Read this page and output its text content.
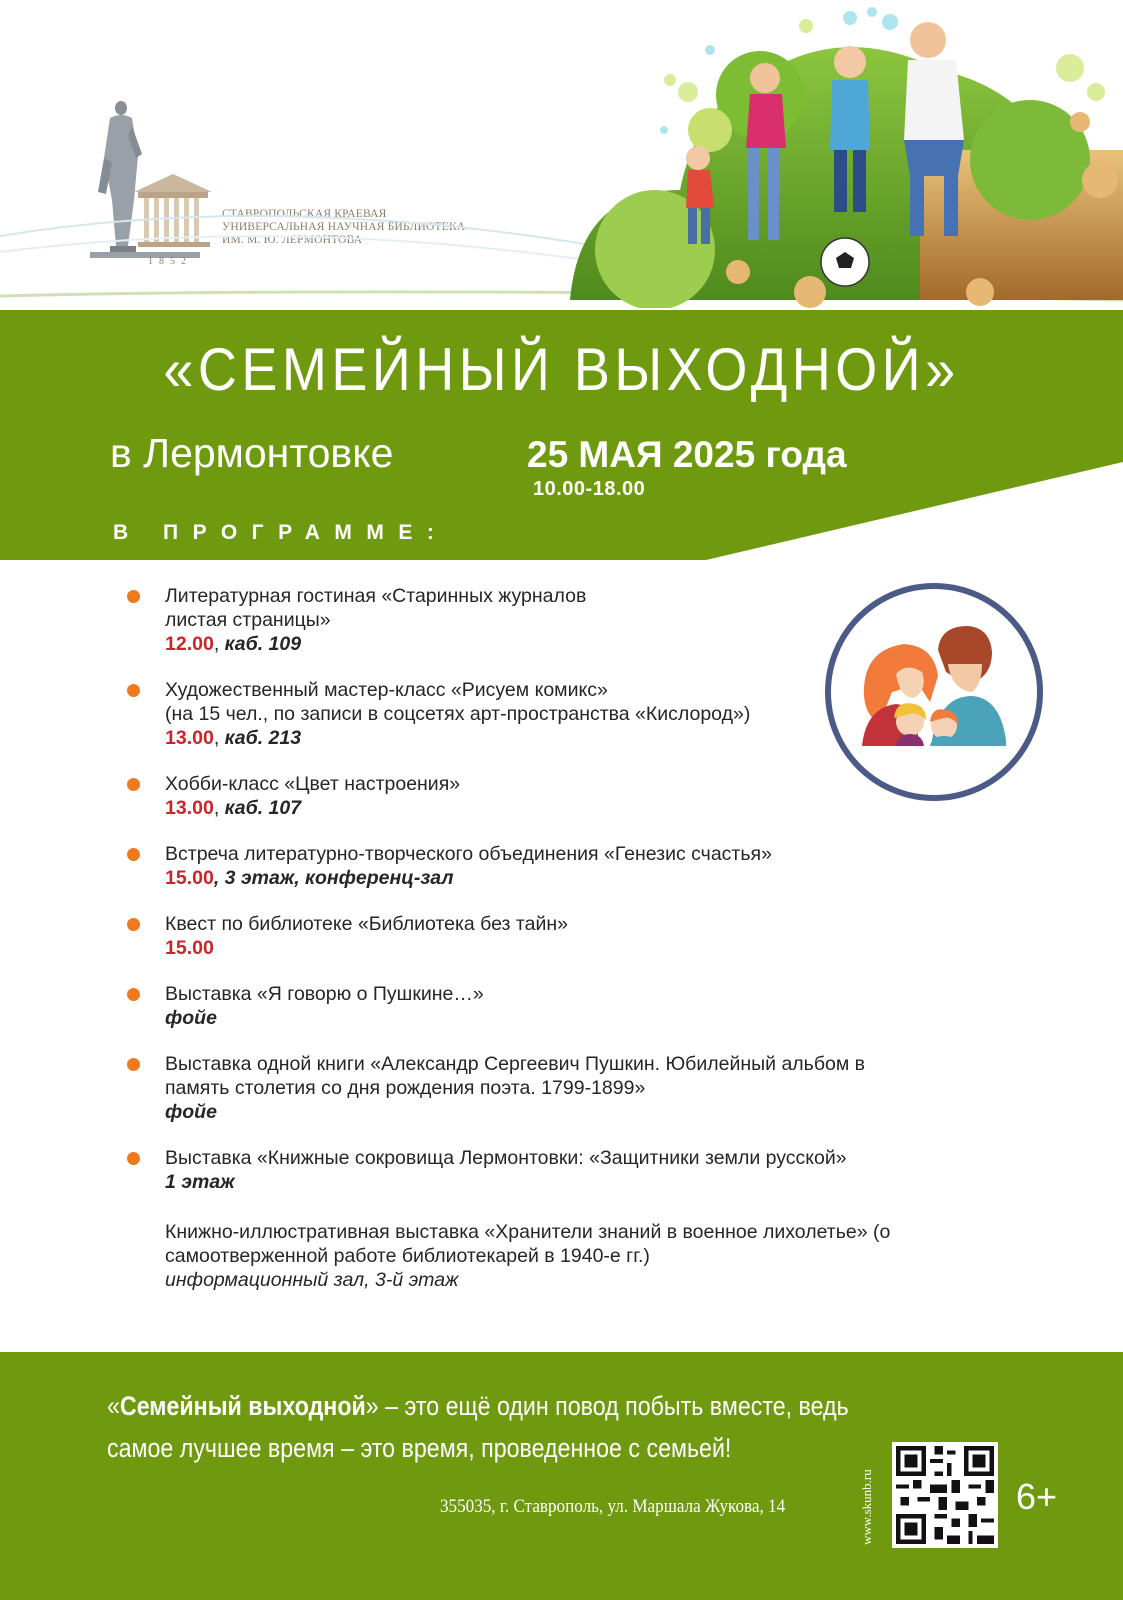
1852
СТАВРОПОЛЬСКАЯ КРАЕВАЯ
УНИВЕРСАЛЬНАЯ НАУЧНАЯ БИБЛИОТЕКА
ИМ. М. Ю. ЛЕРМОНТОВА
«СЕМЕЙНЫЙ ВЫХОДНОЙ»
в Лермонтовке	25 МАЯ 2025 года
10.00-18.00
В ПРОГРАММЕ:
Литературная гостиная «Старинных журналов
листая страницы»
12.00, каб. 109
Художественный мастер-класс «Рисуем комикс»
(на 15 чел., по записи в соцсетях арт-пространства «Кислород»)
13.00, каб. 213
Хобби-класс «Цвет настроения»
13.00, каб. 107
Встреча литературно-творческого объединения «Генезис счастья»
15.00, 3 этаж, конференц-зал
Квест по библиотеке «Библиотека без тайн»
15.00
Выставка «Я говорю о Пушкине…»
фойе
Выставка одной книги «Александр Сергеевич Пушкин. Юбилейный альбом в
память столетия со дня рождения поэта. 1799-1899»
фойе
Выставка «Книжные сокровища Лермонтовки: «Защитники земли русской»
1 этаж
Книжно-иллюстративная выставка «Хранители знаний в военное лихолетье» (о
самоотверженной работе библиотекарей в 1940-е гг.)
информационный зал, 3-й этаж
«Семейный выходной» – это ещё один повод побыть вместе, ведь самое лучшее время – это время, проведенное с семьей!
355035, г. Ставрополь, ул. Маршала Жукова, 14	www.skunb.ru	6+
